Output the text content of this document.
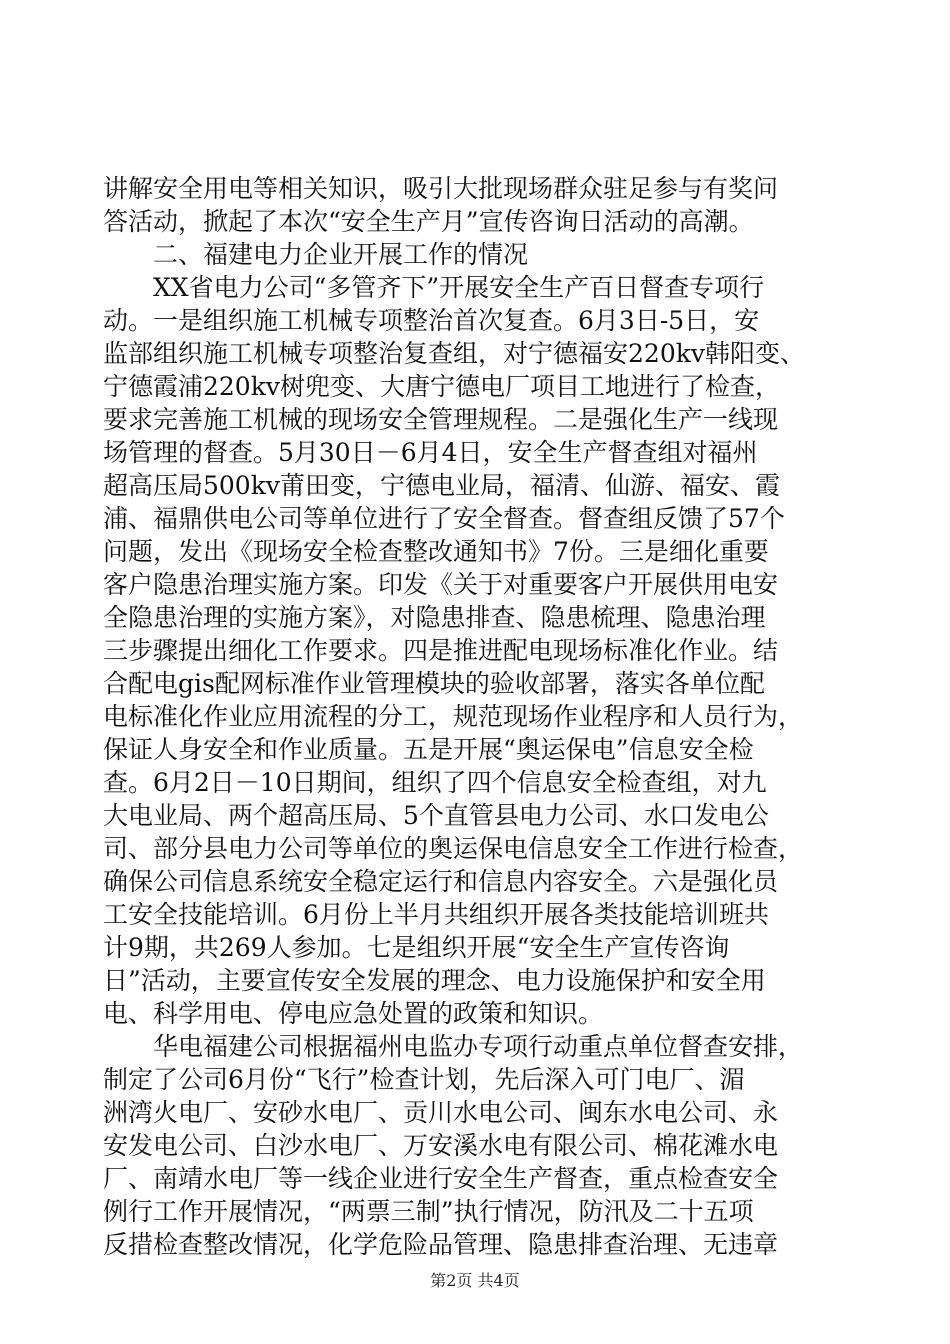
讲解安全用电等相关知识，吸引大批现场群众驻足参与有奖问
答活动，掀起了本次“安全生产月”宣传咨询日活动的高潮。
　　二、福建电力企业开展工作的情况
　　XX省电力公司“多管齐下”开展安全生产百日督查专项行
动。一是组织施工机械专项整治首次复查。6月3日-5日，安
监部组织施工机械专项整治复查组，对宁德福安220kv韩阳变、
宁德霞浦220kv树兜变、大唐宁德电厂项目工地进行了检查，
要求完善施工机械的现场安全管理规程。二是强化生产一线现
场管理的督查。5月30日－6月4日，安全生产督查组对福州
超高压局500kv莆田变，宁德电业局，福清、仙游、福安、霞
浦、福鼎供电公司等单位进行了安全督查。督查组反馈了57个
问题，发出《现场安全检查整改通知书》7份。三是细化重要
客户隐患治理实施方案。印发《关于对重要客户开展供用电安
全隐患治理的实施方案》，对隐患排查、隐患梳理、隐患治理
三步骤提出细化工作要求。四是推进配电现场标准化作业。结
合配电gis配网标准作业管理模块的验收部署，落实各单位配
电标准化作业应用流程的分工，规范现场作业程序和人员行为，
保证人身安全和作业质量。五是开展“奥运保电”信息安全检
查。6月2日－10日期间，组织了四个信息安全检查组，对九
大电业局、两个超高压局、5个直管县电力公司、水口发电公
司、部分县电力公司等单位的奥运保电信息安全工作进行检查，
确保公司信息系统安全稳定运行和信息内容安全。六是强化员
工安全技能培训。6月份上半月共组织开展各类技能培训班共
计9期，共269人参加。七是组织开展“安全生产宣传咨询
日”活动，主要宣传安全发展的理念、电力设施保护和安全用
电、科学用电、停电应急处置的政策和知识。
　　华电福建公司根据福州电监办专项行动重点单位督查安排，
制定了公司6月份“飞行”检查计划，先后深入可门电厂、湄
洲湾火电厂、安砂水电厂、贡川水电公司、闽东水电公司、永
安发电公司、白沙水电厂、万安溪水电有限公司、棉花滩水电
厂、南靖水电厂等一线企业进行安全生产督查，重点检查安全
例行工作开展情况，“两票三制”执行情况，防汛及二十五项
反措检查整改情况，化学危险品管理、隐患排查治理、无违章
第2页 共4页
